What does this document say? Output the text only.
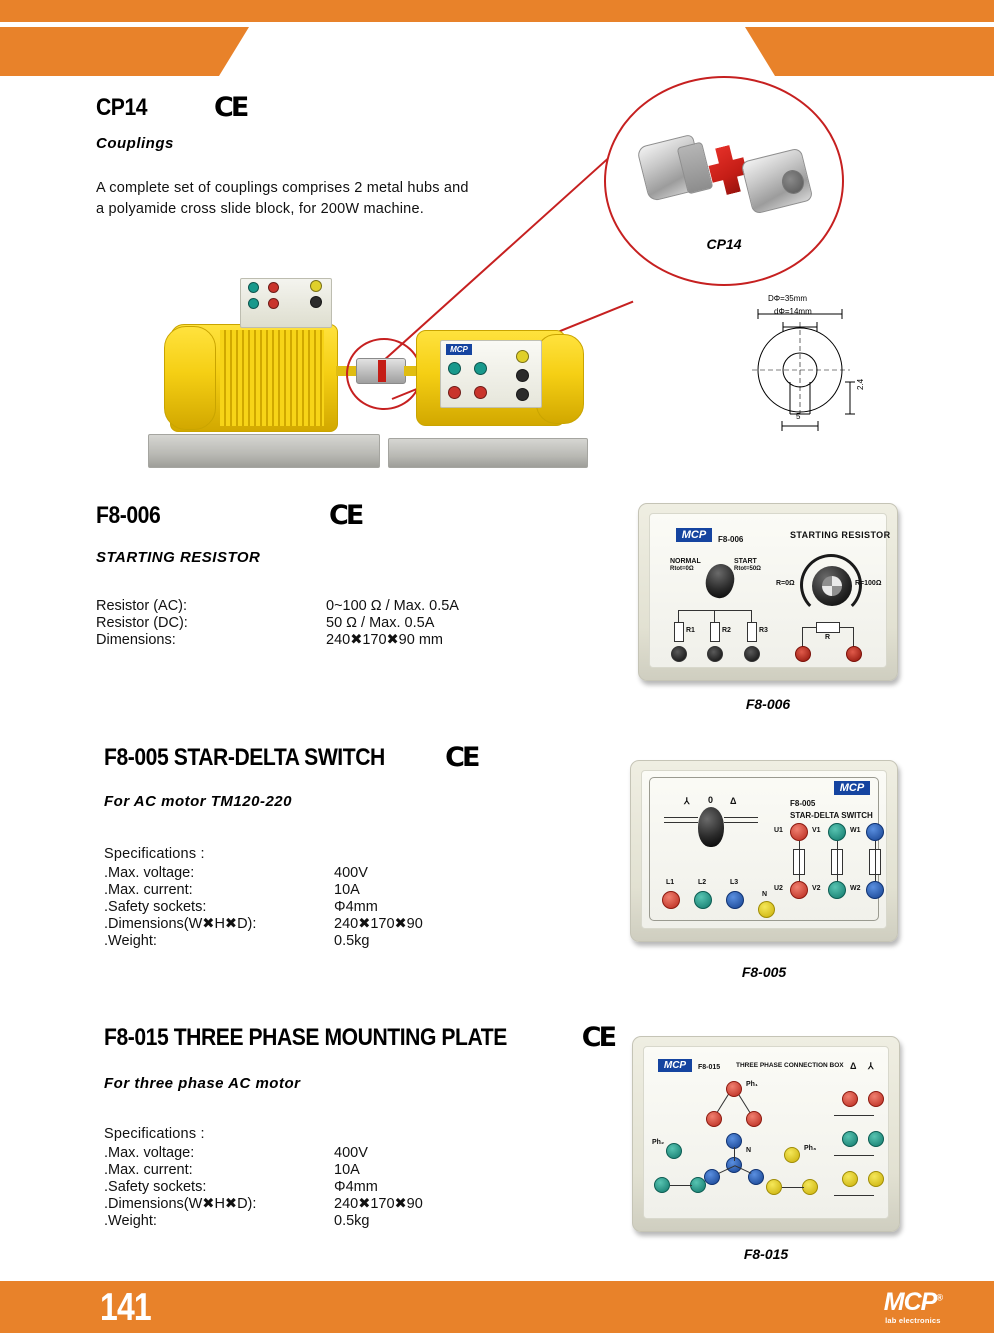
MOTOR ACCESSORY
CP14 CE
Couplings
A complete set of couplings comprises 2 metal hubs and
a polyamide cross slide block, for 200W machine.
CP14
MCP
DΦ=35mm
dΦ=14mm
2.4
5
F8-006	CE
STARTING RESISTOR
Resistor (AC):	0~100 Ω / Max. 0.5A
Resistor (DC):	50 Ω / Max. 0.5A
Dimensions:	240✖170✖90 mm
MCP	F8-006	STARTING RESISTOR
NORMAL
Rtot=0Ω
START
Rtot=50Ω
R1	R2	R3
R=0Ω	R=100Ω
R
F8-006
F8-005 STAR-DELTA SWITCH CE
For AC motor TM120-220
Specifications :
.Max. voltage:	400V
.Max. current:	10A
.Safety sockets:	Φ4mm
.Dimensions(W✖H✖D):	240✖170✖90
.Weight:	0.5kg
MCP
F8-005
STAR-DELTA SWITCH
⅄ 0 Δ
U1	V1	W1
U2	V2	W2
L1	L2	L3
N
F8-005
F8-015 THREE PHASE MOUNTING PLATE	CE
For three phase AC motor
Specifications :
.Max. voltage:	400V
.Max. current:	10A
.Safety sockets:	Φ4mm
.Dimensions(W✖H✖D):	240✖170✖90
.Weight:	0.5kg
MCP	F8-015 THREE PHASE CONNECTION BOX Δ ⅄
Ph₁
N
Ph₂
Ph₃
F8-015
141	MCP®
lab electronics
